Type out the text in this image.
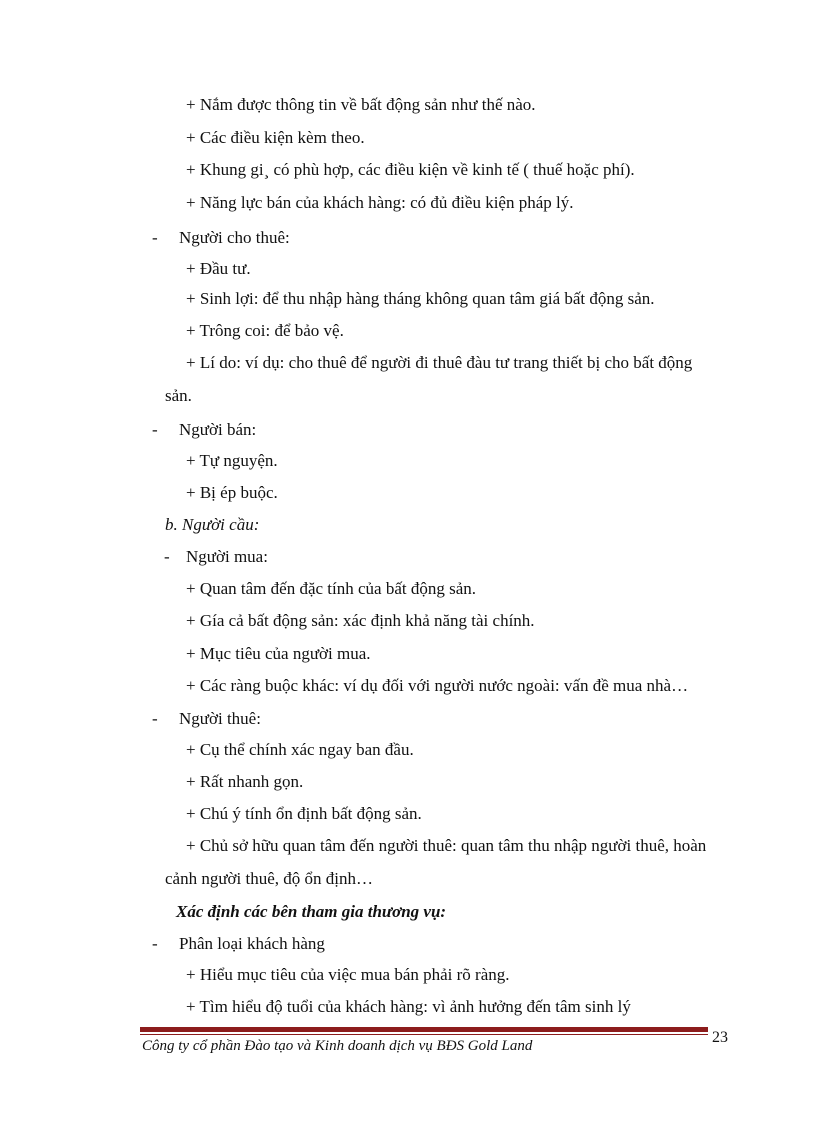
+ Nắm được thông tin về bất động sản như thế nào.
+ Các điều kiện kèm theo.
+ Khung gi¸ có phù hợp, các điều kiện về kinh tế ( thuế hoặc phí).
+ Năng lực bán của khách hàng: có đủ điều kiện pháp lý.
- Người cho thuê:
+ Đầu tư.
+ Sinh lợi: để thu nhập hàng tháng không quan tâm giá bất động sản.
+ Trông coi: để bảo vệ.
+ Lí do: ví dụ: cho thuê để người đi thuê đàu tư trang thiết bị cho bất động
sản.
- Người bán:
+ Tự nguyện.
+ Bị ép buộc.
b. Người cầu:
- Người mua:
+ Quan tâm đến đặc tính của bất động sản.
+ Gía cả bất động sản: xác định khả năng tài chính.
+ Mục tiêu của người mua.
+ Các ràng buộc khác: ví dụ đối với người nước ngoài: vấn đề mua nhà…
- Người thuê:
+ Cụ thể chính xác ngay ban đầu.
+ Rất nhanh gọn.
+ Chú ý tính ổn định bất động sản.
+ Chủ sở hữu quan tâm đến người thuê: quan tâm thu nhập người thuê, hoàn
cảnh người thuê, độ ổn định…
Xác định các bên tham gia thương vụ:
- Phân loại khách hàng
+ Hiểu mục tiêu của việc mua bán phải rõ ràng.
+ Tìm hiểu độ tuổi của khách hàng: vì ảnh hưởng đến tâm sinh lý
23
Công ty cổ phần Đào tạo và Kinh doanh dịch vụ BĐS Gold Land
